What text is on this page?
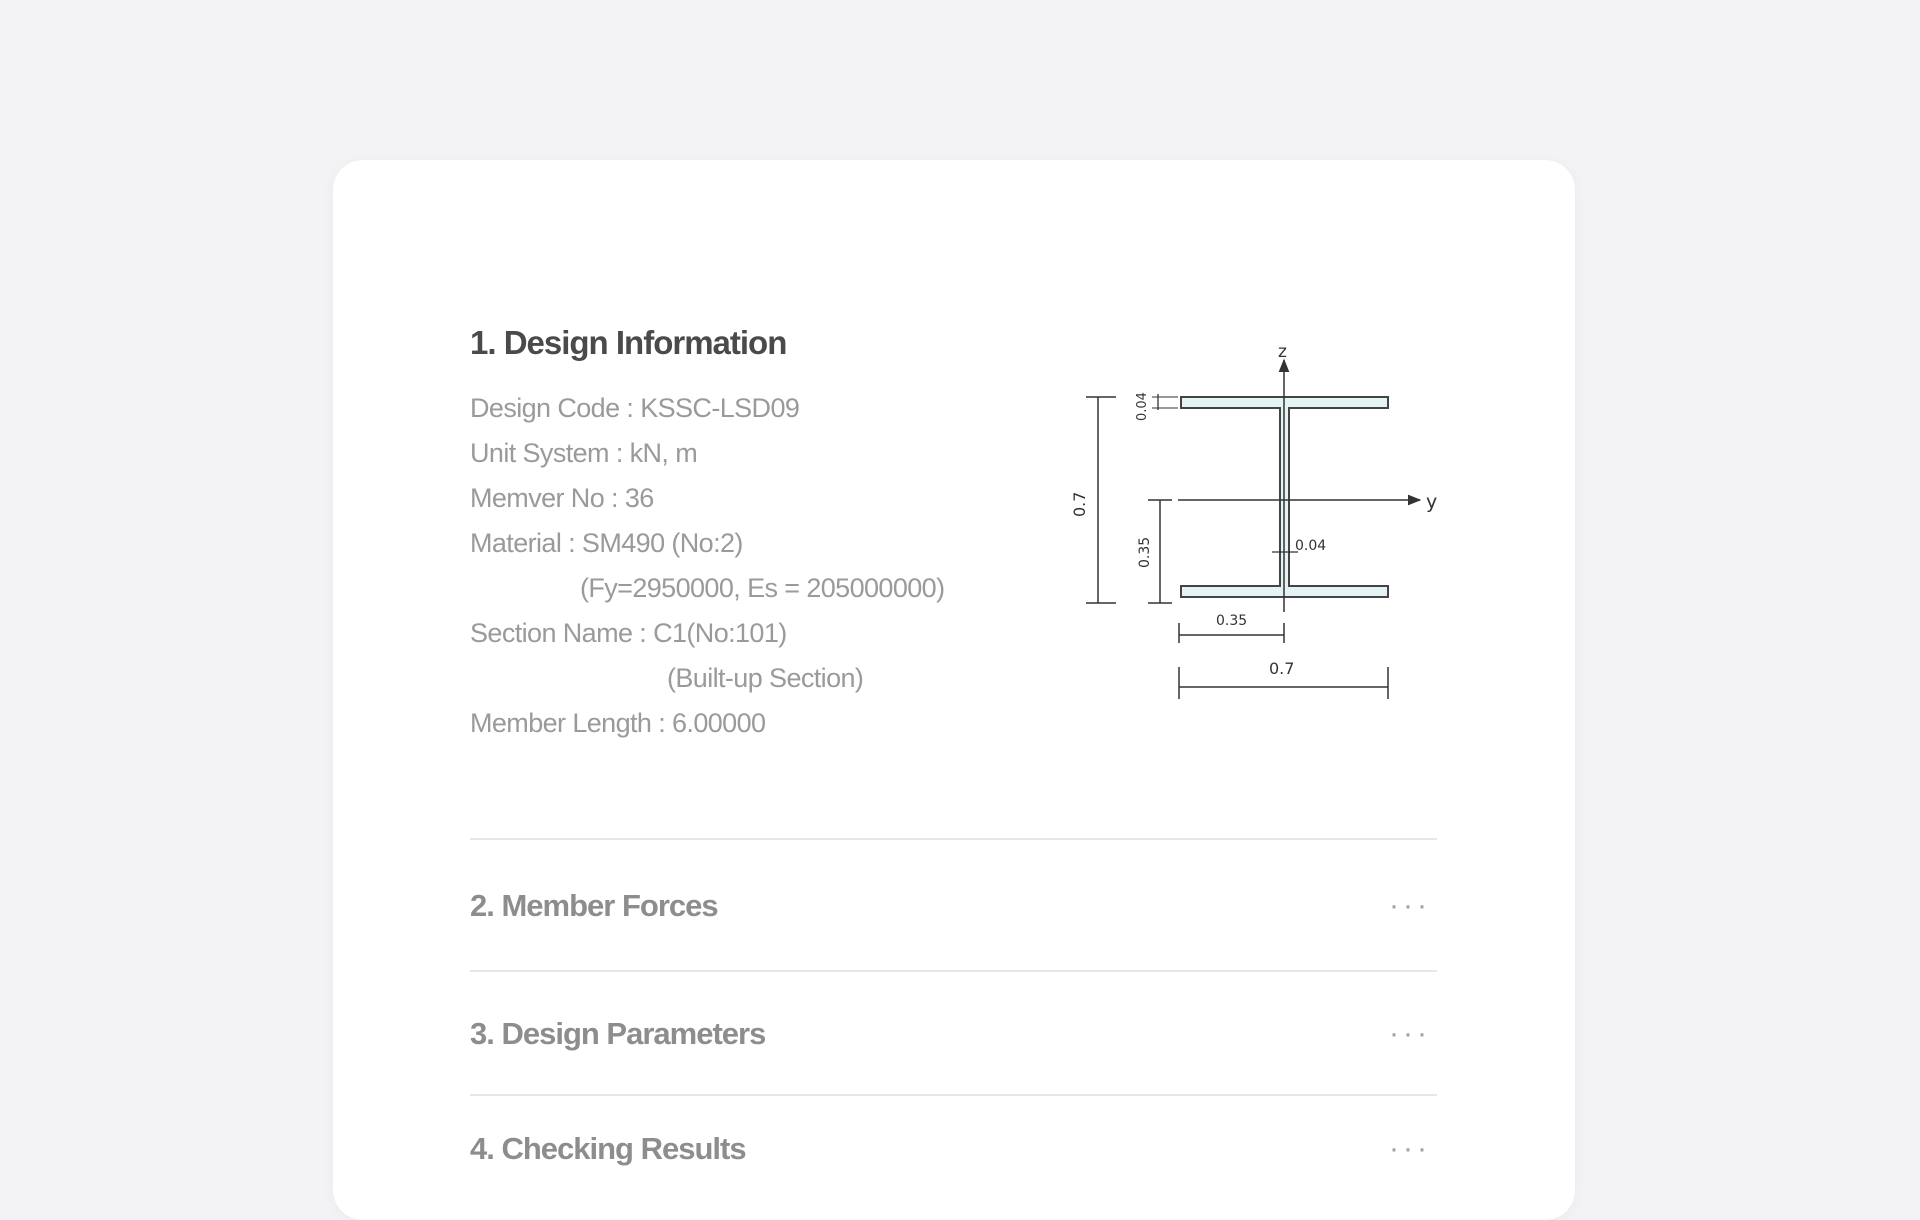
1. Design Information
Design Code : KSSC-LSD09
Unit System : kN, m
Memver No : 36
Material : SM490 (No:2)
(Fy=2950000, Es = 205000000)
Section Name : C1(No:101)
(Built-up Section)
Member Length : 6.00000
z
y
0.7
0.04
0.35	0.04
0.35
0.7
2. Member Forces	···
3. Design Parameters	···
4. Checking Results	···
